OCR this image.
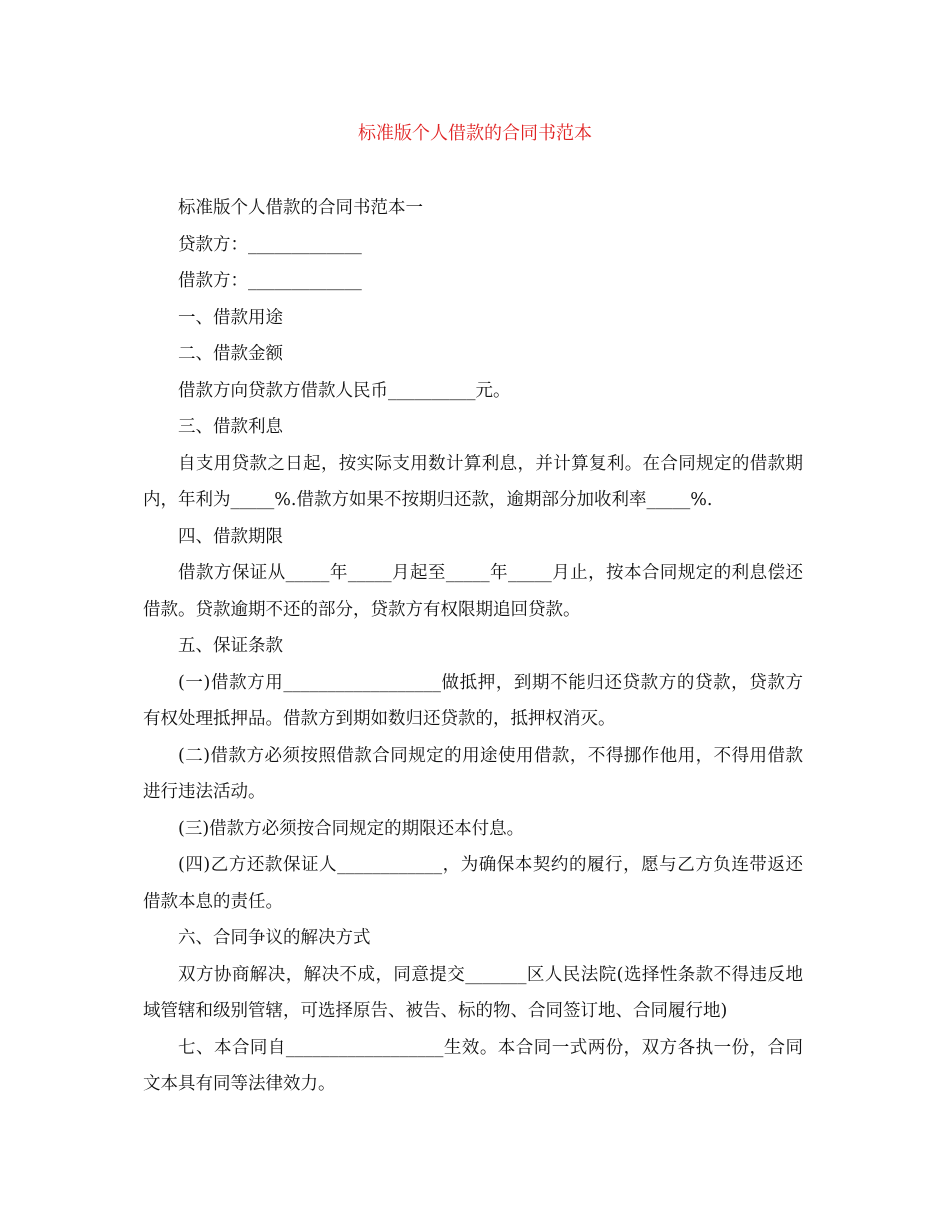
标准版个人借款的合同书范本

标准版个人借款的合同书范本一

贷款方：_____________

借款方：_____________

一、借款用途

二、借款金额

借款方向贷款方借款人民币__________元。

三、借款利息

自支用贷款之日起，按实际支用数计算利息，并计算复利。在合同规定的借款期内，年利为_____%.借款方如果不按期归还款，逾期部分加收利率_____%.

四、借款期限

借款方保证从_____年_____月起至_____年_____月止，按本合同规定的利息偿还借款。贷款逾期不还的部分，贷款方有权限期追回贷款。

五、保证条款

(一)借款方用__________________做抵押，到期不能归还贷款方的贷款，贷款方有权处理抵押品。借款方到期如数归还贷款的，抵押权消灭。

(二)借款方必须按照借款合同规定的用途使用借款，不得挪作他用，不得用借款进行违法活动。

(三)借款方必须按合同规定的期限还本付息。

(四)乙方还款保证人____________，为确保本契约的履行，愿与乙方负连带返还借款本息的责任。

六、合同争议的解决方式

双方协商解决，解决不成，同意提交_______区人民法院(选择性条款不得违反地域管辖和级别管辖，可选择原告、被告、标的物、合同签订地、合同履行地)

七、本合同自__________________生效。本合同一式两份，双方各执一份，合同文本具有同等法律效力。
